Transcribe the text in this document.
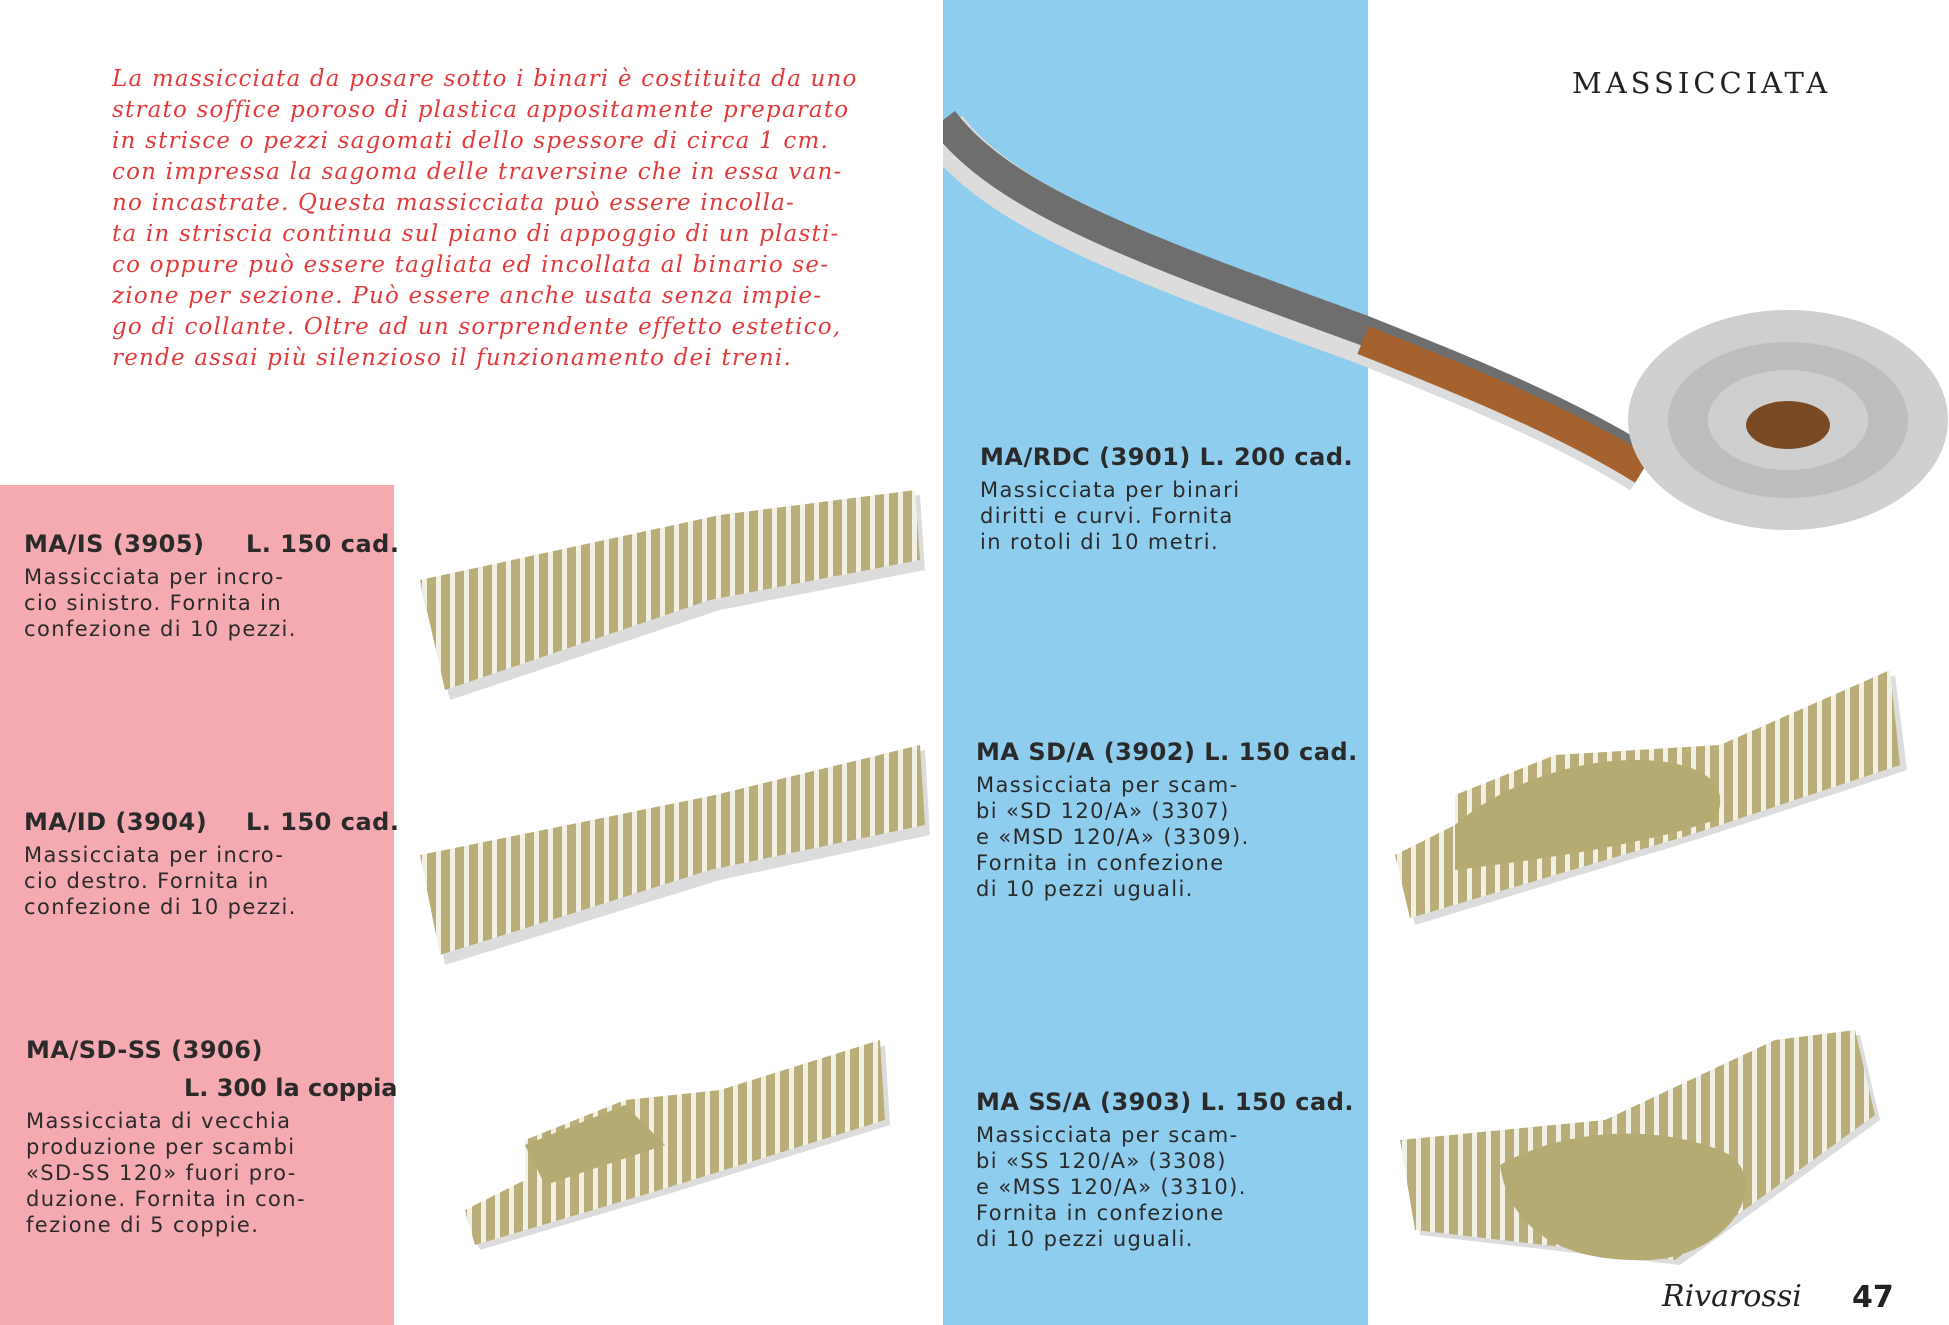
La massicciata da posare sotto i binari è costituita da uno

strato soffice poroso di plastica appositamente preparato

in strisce o pezzi sagomati dello spessore di circa 1 cm.

con impressa la sagoma delle traversine che in essa van-

no incastrate. Questa massicciata può essere incolla-

ta in striscia continua sul piano di appoggio di un plasti-

co oppure può essere tagliata ed incollata al binario se-

zione per sezione. Può essere anche usata senza impie-

go di collante. Oltre ad un sorprendente effetto estetico,

rende assai più silenzioso il funzionamento dei treni.

MASSICCIATA
MA/IS (3905) L. 150 cad.
Massicciata per incro-
cio sinistro. Fornita in
confezione di 10 pezzi.
MA/ID (3904) L. 150 cad.
Massicciata per incro-
cio destro. Fornita in
confezione di 10 pezzi.
MA/SD-SS (3906)
L. 300 la coppia
Massicciata di vecchia
produzione per scambi
«SD-SS 120» fuori pro-
duzione. Fornita in con-
fezione di 5 coppie.
MA/RDC (3901) L. 200 cad.
Massicciata per binari
diritti e curvi. Fornita
in rotoli di 10 metri.
MA SD/A (3902) L. 150 cad.
Massicciata per scam-
bi «SD 120/A» (3307)
e «MSD 120/A» (3309).
Fornita in confezione
di 10 pezzi uguali.
MA SS/A (3903) L. 150 cad.
Massicciata per scam-
bi «SS 120/A» (3308)
e «MSS 120/A» (3310).
Fornita in confezione
di 10 pezzi uguali.
Rivarossi 47
